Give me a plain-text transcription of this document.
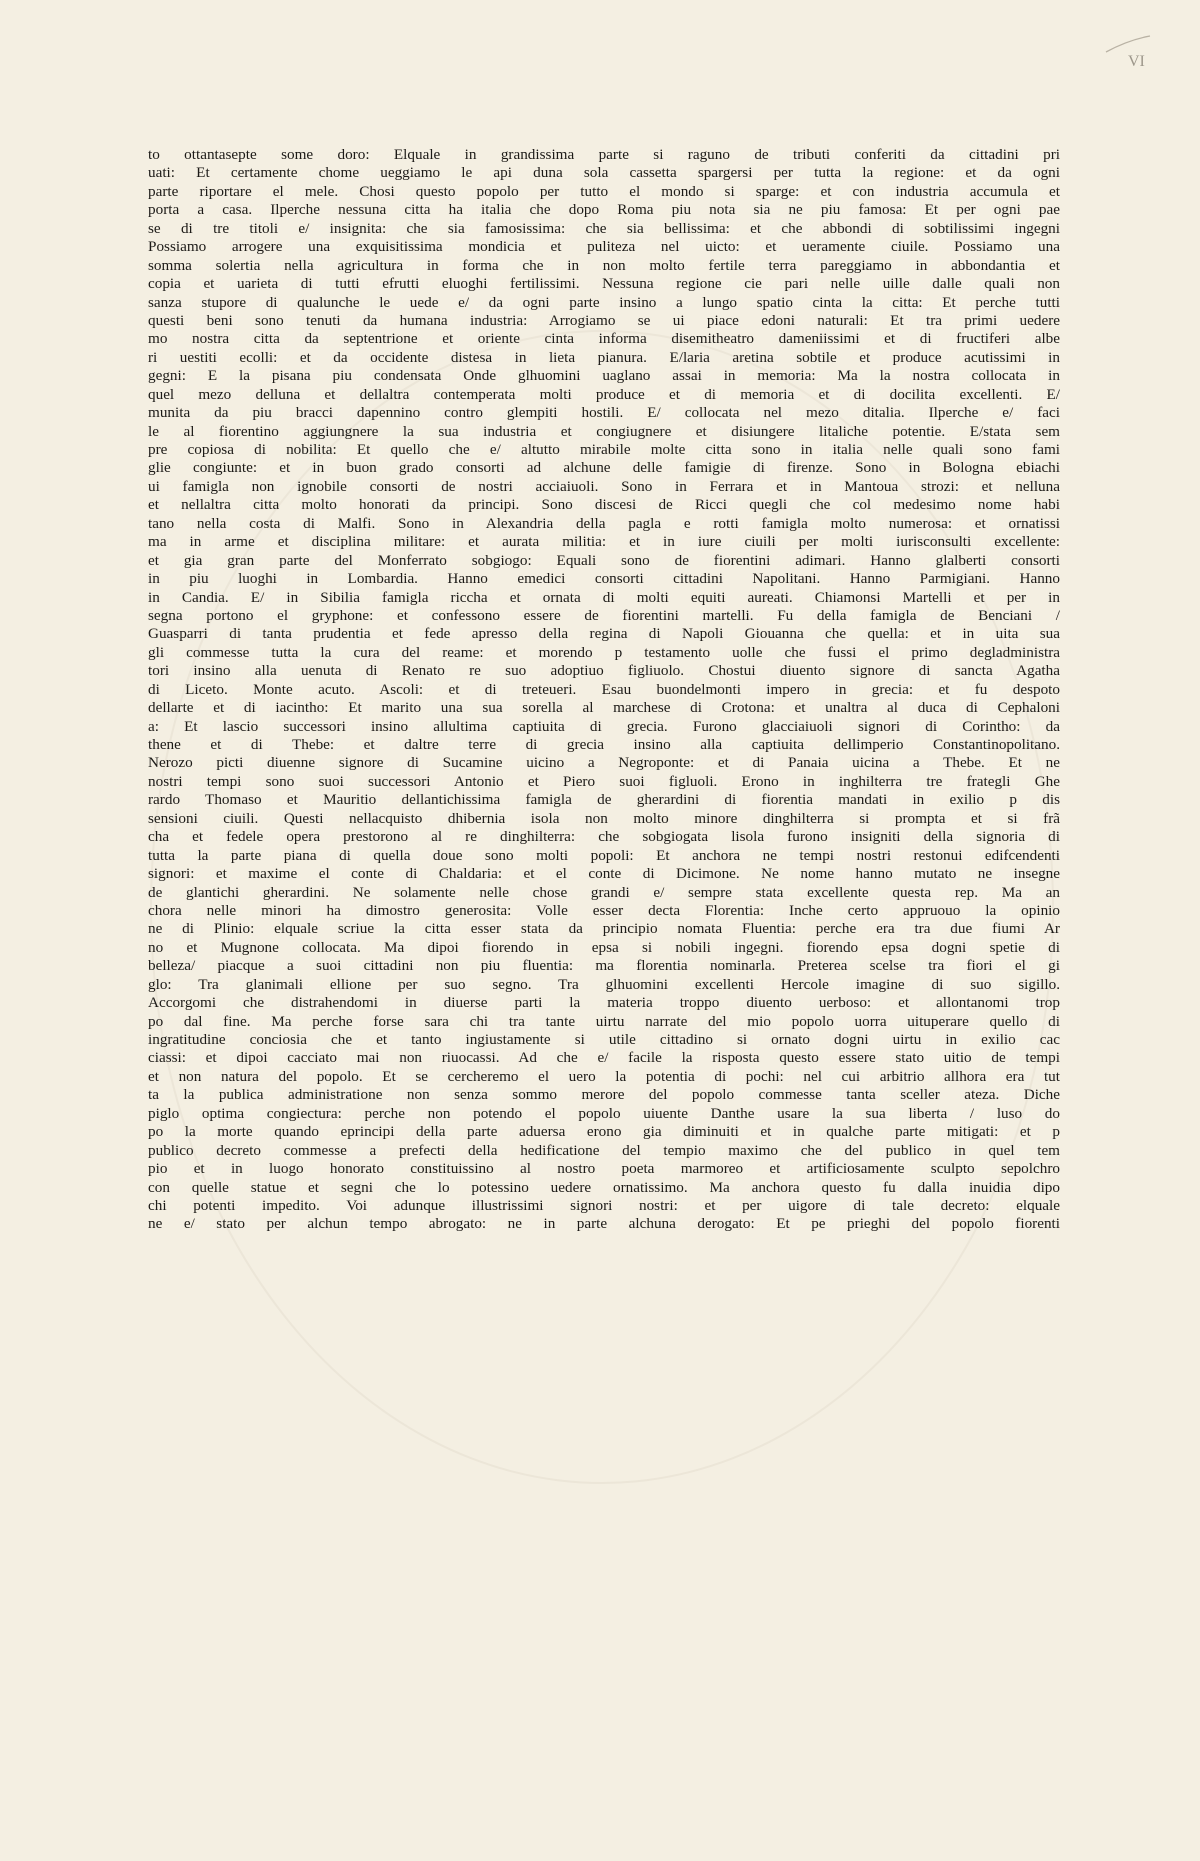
VI
to ottantasepte some doro: Elquale in grandissima parte si raguno de tributi conferiti da cittadini pri
uati: Et certamente chome ueggiamo le api duna sola cassetta spargersi per tutta la regione: et da ogni
parte riportare el mele. Chosi questo popolo per tutto el mondo si sparge: et con industria accumula et
porta a casa. Ilperche nessuna citta ha italia che dopo Roma piu nota sia ne piu famosa: Et per ogni pae
se di tre titoli e/ insignita: che sia famosissima: che sia bellissima: et che abbondi di sobtilissimi ingegni
Possiamo arrogere una exquisitissima mondicia et puliteza nel uicto: et ueramente ciuile. Possiamo una
somma solertia nella agricultura in forma che in non molto fertile terra pareggiamo in abbondantia et
copia et uarieta di tutti efrutti eluoghi fertilissimi. Nessuna regione cie pari nelle uille dalle quali non
sanza stupore di qualunche le uede e/ da ogni parte insino a lungo spatio cinta la citta: Et perche tutti
questi beni sono tenuti da humana industria: Arrogiamo se ui piace edoni naturali: Et tra primi uedere
mo nostra citta da septentrione et oriente cinta informa disemitheatro dameniissimi et di fructiferi albe
ri uestiti ecolli: et da occidente distesa in lieta pianura. E/laria aretina sobtile et produce acutissimi in
gegni: E la pisana piu condensata Onde glhuomini uaglano assai in memoria: Ma la nostra collocata in
quel mezo delluna et dellaltra contemperata molti produce et di memoria et di docilita excellenti. E/
munita da piu bracci dapennino contro glempiti hostili. E/ collocata nel mezo ditalia. Ilperche e/ faci
le al fiorentino aggiungnere la sua industria et congiugnere et disiungere litaliche potentie. E/stata sem
pre copiosa di nobilita: Et quello che e/ altutto mirabile molte citta sono in italia nelle quali sono fami
glie congiunte: et in buon grado consorti ad alchune delle famigie di firenze. Sono in Bologna ebiachi
ui famigla non ignobile consorti de nostri acciaiuoli. Sono in Ferrara et in Mantoua strozi: et nelluna
et nellaltra citta molto honorati da principi. Sono discesi de Ricci quegli che col medesimo nome habi
tano nella costa di Malfi. Sono in Alexandria della pagla e rotti famigla molto numerosa: et ornatissi
ma in arme et disciplina militare: et aurata militia: et in iure ciuili per molti iurisconsulti excellente:
et gia gran parte del Monferrato sobgiogo: Equali sono de fiorentini adimari. Hanno glalberti consorti
in piu luoghi in Lombardia. Hanno emedici consorti cittadini Napolitani. Hanno Parmigiani. Hanno
in Candia. E/ in Sibilia famigla riccha et ornata di molti equiti aureati. Chiamonsi Martelli et per in
segna portono el gryphone: et confessono essere de fiorentini martelli. Fu della famigla de Benciani /
Guasparri di tanta prudentia et fede apresso della regina di Napoli Giouanna che quella: et in uita sua
gli commesse tutta la cura del reame: et morendo p testamento uolle che fussi el primo degladministra
tori insino alla uenuta di Renato re suo adoptiuo figliuolo. Chostui diuento signore di sancta Agatha
di Liceto. Monte acuto. Ascoli: et di treteueri. Esau buondelmonti impero in grecia: et fu despoto
dellarte et di iacintho: Et marito una sua sorella al marchese di Crotona: et unaltra al duca di Cephaloni
a: Et lascio successori insino allultima captiuita di grecia. Furono glacciaiuoli signori di Corintho: da
thene et di Thebe: et daltre terre di grecia insino alla captiuita dellimperio Constantinopolitano.
Nerozo picti diuenne signore di Sucamine uicino a Negroponte: et di Panaia uicina a Thebe. Et ne
nostri tempi sono suoi successori Antonio et Piero suoi figluoli. Erono in inghilterra tre frategli Ghe
rardo Thomaso et Mauritio dellantichissima famigla de gherardini di fiorentia mandati in exilio p dis
sensioni ciuili. Questi nellacquisto dhibernia isola non molto minore dinghilterra si prompta et si frã
cha et fedele opera prestorono al re dinghilterra: che sobgiogata lisola furono insigniti della signoria di
tutta la parte piana di quella doue sono molti popoli: Et anchora ne tempi nostri restonui edifcendenti
signori: et maxime el conte di Chaldaria: et el conte di Dicimone. Ne nome hanno mutato ne insegne
de glantichi gherardini. Ne solamente nelle chose grandi e/ sempre stata excellente questa rep. Ma an
chora nelle minori ha dimostro generosita: Volle esser decta Florentia: Inche certo appruouo la opinio
ne di Plinio: elquale scriue la citta esser stata da principio nomata Fluentia: perche era tra due fiumi Ar
no et Mugnone collocata. Ma dipoi fiorendo in epsa si nobili ingegni. fiorendo epsa dogni spetie di
belleza/ piacque a suoi cittadini non piu fluentia: ma florentia nominarla. Preterea scelse tra fiori el gi
glo: Tra glanimali ellione per suo segno. Tra glhuomini excellenti Hercole imagine di suo sigillo.
Accorgomi che distrahendomi in diuerse parti la materia troppo diuento uerboso: et allontanomi trop
po dal fine. Ma perche forse sara chi tra tante uirtu narrate del mio popolo uorra uituperare quello di
ingratitudine conciosia che et tanto ingiustamente si utile cittadino si ornato dogni uirtu in exilio cac
ciassi: et dipoi cacciato mai non riuocassi. Ad che e/ facile la risposta questo essere stato uitio de tempi
et non natura del popolo. Et se cercheremo el uero la potentia di pochi: nel cui arbitrio allhora era tut
ta la publica administratione non senza sommo merore del popolo commesse tanta sceller ateza. Diche
piglo optima congiectura: perche non potendo el popolo uiuente Danthe usare la sua liberta / luso do
po la morte quando eprincipi della parte aduersa erono gia diminuiti et in qualche parte mitigati: et p
publico decreto commesse a prefecti della hedificatione del tempio maximo che del publico in quel tem
pio et in luogo honorato constituissino al nostro poeta marmoreo et artificiosamente sculpto sepolchro
con quelle statue et segni che lo potessino uedere ornatissimo. Ma anchora questo fu dalla inuidia dipo
chi potenti impedito. Voi adunque illustrissimi signori nostri: et per uigore di tale decreto: elquale
ne e/ stato per alchun tempo abrogato: ne in parte alchuna derogato: Et pe prieghi del popolo fiorenti
